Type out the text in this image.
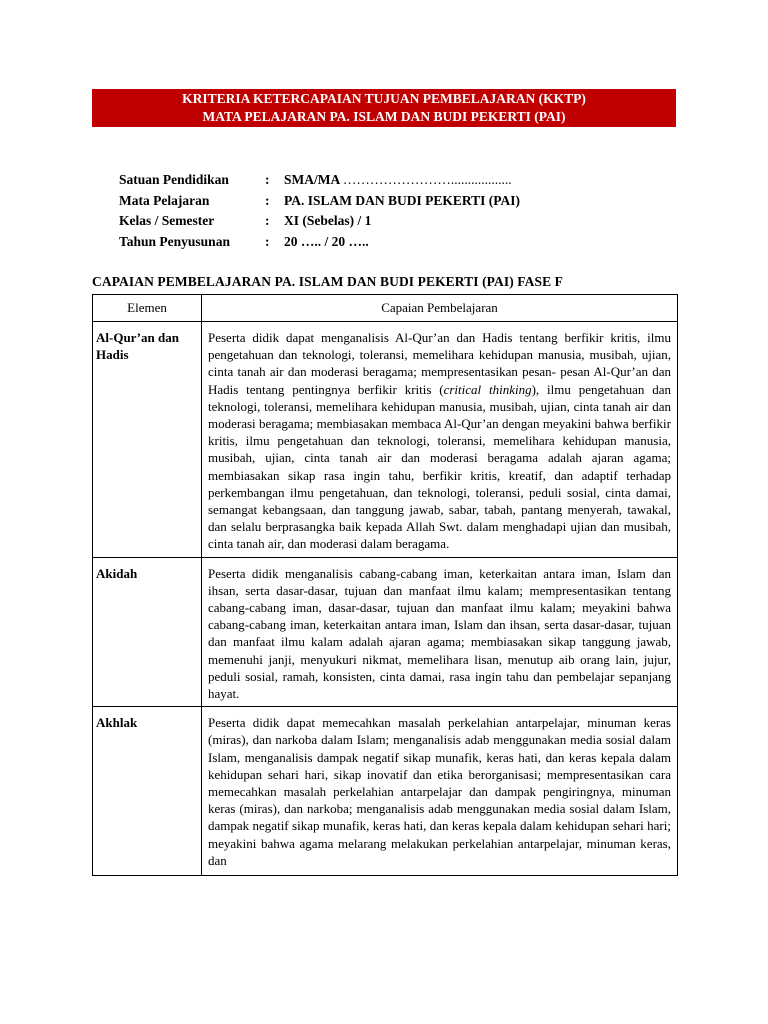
KRITERIA KETERCAPAIAN TUJUAN PEMBELAJARAN (KKTP)
MATA PELAJARAN PA. ISLAM DAN BUDI PEKERTI (PAI)
Satuan Pendidikan	: SMA/MA ……………………..................
Mata Pelajaran	: PA. ISLAM DAN BUDI PEKERTI (PAI)
Kelas / Semester	: XI (Sebelas) / 1
Tahun Penyusunan	: 20 ….. / 20 …..
CAPAIAN PEMBELAJARAN PA. ISLAM DAN BUDI PEKERTI (PAI) FASE F
Elemen	Capaian Pembelajaran
Al-Qur’an dan Hadis	Peserta didik dapat menganalisis Al-Qur’an dan Hadis tentang berfikir kritis, ilmu pengetahuan dan teknologi, toleransi, memelihara kehidupan manusia, musibah, ujian, cinta tanah air dan moderasi beragama; mempresentasikan pesan- pesan Al-Qur’an dan Hadis tentang pentingnya berfikir kritis (critical thinking), ilmu pengetahuan dan teknologi, toleransi, memelihara kehidupan manusia, musibah, ujian, cinta tanah air dan moderasi beragama; membiasakan membaca Al-Qur’an dengan meyakini bahwa berfikir kritis, ilmu pengetahuan dan teknologi, toleransi, memelihara kehidupan manusia, musibah, ujian, cinta tanah air dan moderasi beragama adalah ajaran agama; membiasakan sikap rasa ingin tahu, berfikir kritis, kreatif, dan adaptif terhadap perkembangan ilmu pengetahuan, dan teknologi, toleransi, peduli sosial, cinta damai, semangat kebangsaan, dan tanggung jawab, sabar, tabah, pantang menyerah, tawakal, dan selalu berprasangka baik kepada Allah Swt. dalam menghadapi ujian dan musibah, cinta tanah air, dan moderasi dalam beragama.
Akidah	Peserta didik menganalisis cabang-cabang iman, keterkaitan antara iman, Islam dan ihsan, serta dasar-dasar, tujuan dan manfaat ilmu kalam; mempresentasikan tentang cabang-cabang iman, dasar-dasar, tujuan dan manfaat ilmu kalam; meyakini bahwa cabang-cabang iman, keterkaitan antara iman, Islam dan ihsan, serta dasar-dasar, tujuan dan manfaat ilmu kalam adalah ajaran agama; membiasakan sikap tanggung jawab, memenuhi janji, menyukuri nikmat, memelihara lisan, menutup aib orang lain, jujur, peduli sosial, ramah, konsisten, cinta damai, rasa ingin tahu dan pembelajar sepanjang hayat.
Akhlak	Peserta didik dapat memecahkan masalah perkelahian antarpelajar, minuman keras (miras), dan narkoba dalam Islam; menganalisis adab menggunakan media sosial dalam Islam, menganalisis dampak negatif sikap munafik, keras hati, dan keras kepala dalam kehidupan sehari hari, sikap inovatif dan etika berorganisasi; mempresentasikan cara memecahkan masalah perkelahian antarpelajar dan dampak pengiringnya, minuman keras (miras), dan narkoba; menganalisis adab menggunakan media sosial dalam Islam, dampak negatif sikap munafik, keras hati, dan keras kepala dalam kehidupan sehari hari; meyakini bahwa agama melarang melakukan perkelahian antarpelajar, minuman keras, dan
